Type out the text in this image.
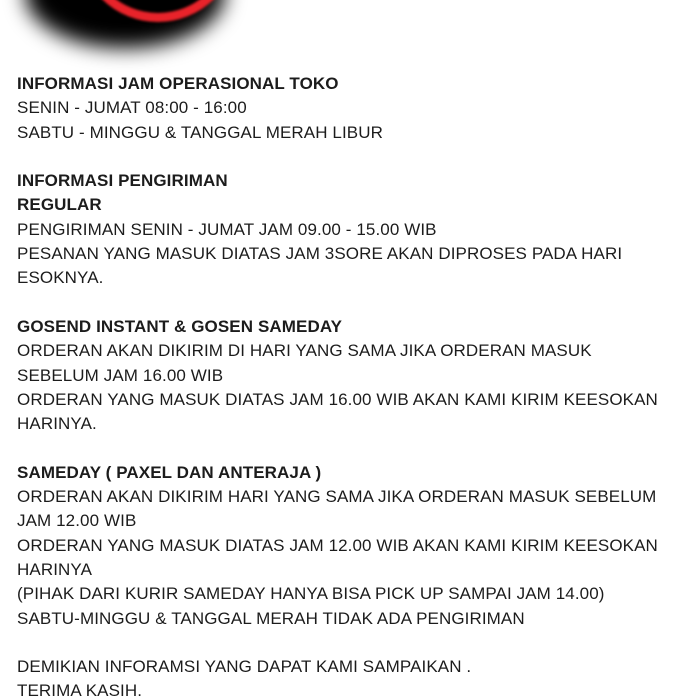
INFORMASI JAM OPERASIONAL TOKO
SENIN - JUMAT 08:00 - 16:00
SABTU - MINGGU & TANGGAL MERAH LIBUR
INFORMASI PENGIRIMAN
REGULAR
PENGIRIMAN SENIN - JUMAT JAM 09.00 - 15.00 WIB
PESANAN YANG MASUK DIATAS JAM 3SORE AKAN DIPROSES PADA HARI
ESOKNYA.
GOSEND INSTANT & GOSEN SAMEDAY
ORDERAN AKAN DIKIRIM DI HARI YANG SAMA JIKA ORDERAN MASUK
SEBELUM JAM 16.00 WIB
ORDERAN YANG MASUK DIATAS JAM 16.00 WIB AKAN KAMI KIRIM KEESOKAN
HARINYA.
SAMEDAY ( PAXEL DAN ANTERAJA )
ORDERAN AKAN DIKIRIM HARI YANG SAMA JIKA ORDERAN MASUK SEBELUM
JAM 12.00 WIB
ORDERAN YANG MASUK DIATAS JAM 12.00 WIB AKAN KAMI KIRIM KEESOKAN
HARINYA
(PIHAK DARI KURIR SAMEDAY HANYA BISA PICK UP SAMPAI JAM 14.00)
SABTU-MINGGU & TANGGAL MERAH TIDAK ADA PENGIRIMAN
DEMIKIAN INFORAMSI YANG DAPAT KAMI SAMPAIKAN .
TERIMA KASIH.
